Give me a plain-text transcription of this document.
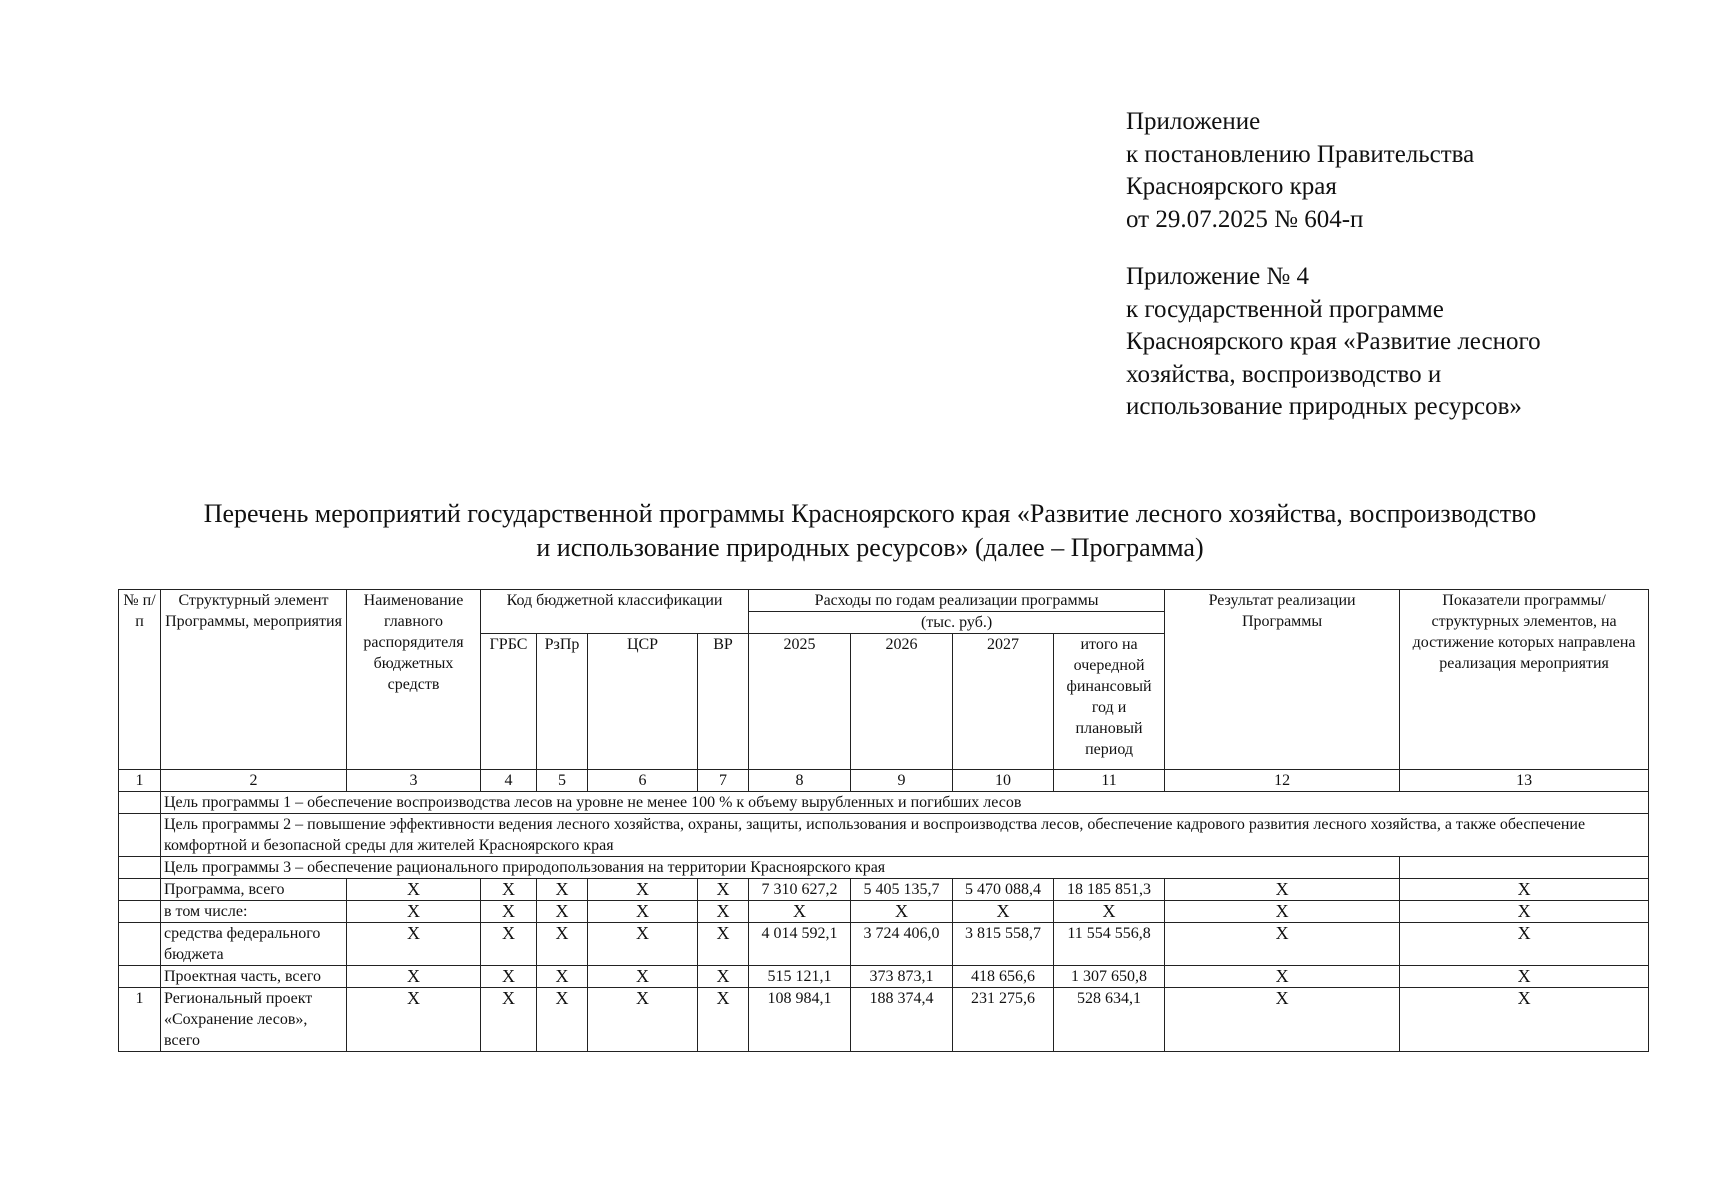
Приложение
к постановлению Правительства
Красноярского края
от 29.07.2025 № 604-п
Приложение № 4
к государственной программе
Красноярского края «Развитие лесного
хозяйства, воспроизводство и
использование природных ресурсов»
Перечень мероприятий государственной программы Красноярского края «Развитие лесного хозяйства, воспроизводство
и использование природных ресурсов» (далее – Программа)
№ п/п	Структурный элемент Программы, мероприятия	Наименование главного распорядителя бюджетных средств	Код бюджетной классификации				Расходы по годам реализации программы				Результат реализации Программы	Показатели программы/ структурных элементов, на достижение которых направлена реализация мероприятия
							(тыс. руб.)					
			ГРБС	РзПр	ЦСР	ВР	2025	2026	2027	итого на очередной финансовый год и плановый период		
1	2	3	4	5	6	7	8	9	10	11	12	13
	Цель программы 1 – обеспечение воспроизводства лесов на уровне не менее 100 % к объему вырубленных и погибших лесов											
	Цель программы 2 – повышение эффективности ведения лесного хозяйства, охраны, защиты, использования и воспроизводства лесов, обеспечение кадрового развития лесного хозяйства, а также обеспечение комфортной и безопасной среды для жителей Красноярского края											
	Цель программы 3 – обеспечение рационального природопользования на территории Красноярского края											
	Программа, всего	X	X	X	X	X	7 310 627,2	5 405 135,7	5 470 088,4	18 185 851,3	X	X
	в том числе:	X	X	X	X	X	X	X	X	X	X	X
	средства федерального бюджета	X	X	X	X	X	4 014 592,1	3 724 406,0	3 815 558,7	11 554 556,8	X	X
	Проектная часть, всего	X	X	X	X	X	515 121,1	373 873,1	418 656,6	1 307 650,8	X	X
1	Региональный проект «Сохранение лесов», всего	X	X	X	X	X	108 984,1	188 374,4	231 275,6	528 634,1	X	X
